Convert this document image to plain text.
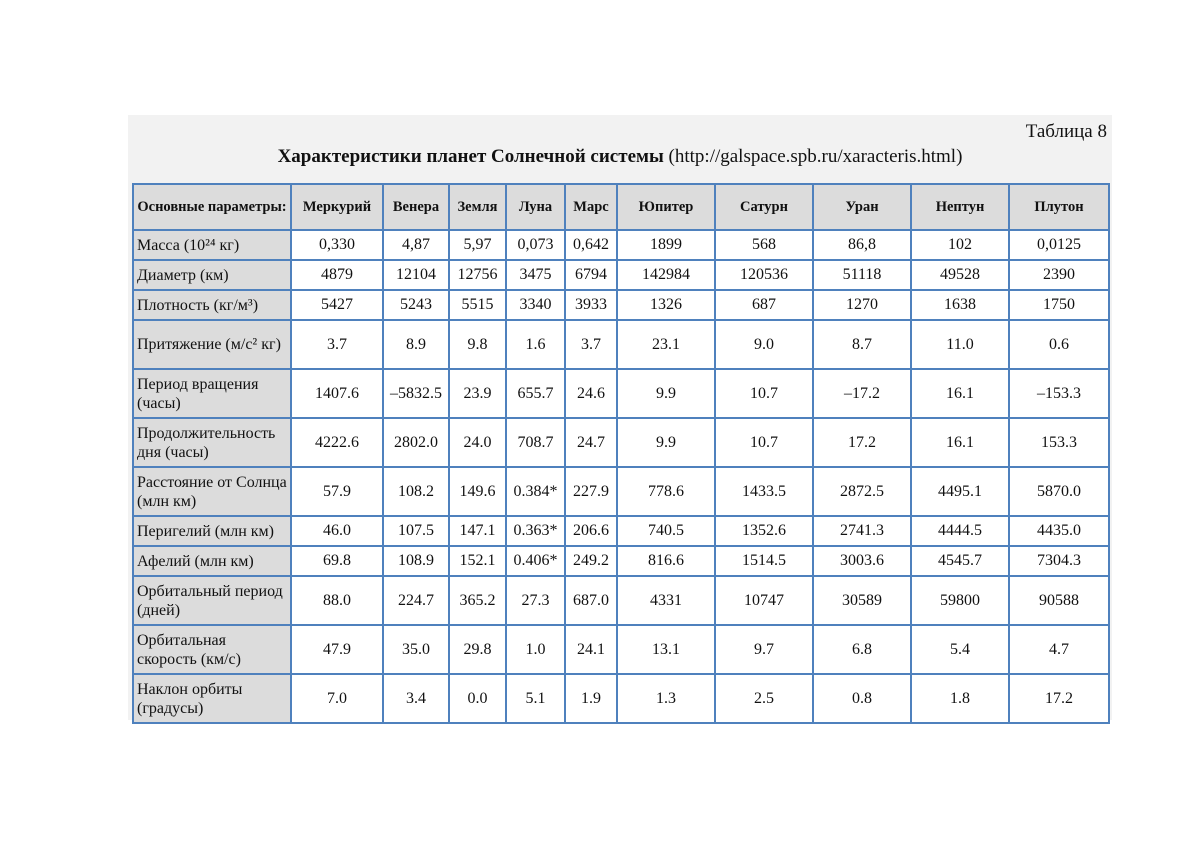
Таблица 8
Характеристики планет Солнечной системы (http://galspace.spb.ru/xaracteris.html)
Основные параметры:	Меркурий	Венера	Земля	Луна	Марс	Юпитер	Сатурн	Уран	Нептун	Плутон
Масса (10²⁴ кг)	0,330	4,87	5,97	0,073	0,642	1899	568	86,8	102	0,0125
Диаметр (км)	4879	12104	12756	3475	6794	142984	120536	51118	49528	2390
Плотность (кг/м³)	5427	5243	5515	3340	3933	1326	687	1270	1638	1750
Притяжение (м/с² кг)	3.7	8.9	9.8	1.6	3.7	23.1	9.0	8.7	11.0	0.6
Период вращения (часы)	1407.6	–5832.5	23.9	655.7	24.6	9.9	10.7	–17.2	16.1	–153.3
Продолжительность дня (часы)	4222.6	2802.0	24.0	708.7	24.7	9.9	10.7	17.2	16.1	153.3
Расстояние от Солнца (млн км)	57.9	108.2	149.6	0.384*	227.9	778.6	1433.5	2872.5	4495.1	5870.0
Перигелий (млн км)	46.0	107.5	147.1	0.363*	206.6	740.5	1352.6	2741.3	4444.5	4435.0
Афелий (млн км)	69.8	108.9	152.1	0.406*	249.2	816.6	1514.5	3003.6	4545.7	7304.3
Орбитальный период (дней)	88.0	224.7	365.2	27.3	687.0	4331	10747	30589	59800	90588
Орбитальная скорость (км/с)	47.9	35.0	29.8	1.0	24.1	13.1	9.7	6.8	5.4	4.7
Наклон орбиты (градусы)	7.0	3.4	0.0	5.1	1.9	1.3	2.5	0.8	1.8	17.2
